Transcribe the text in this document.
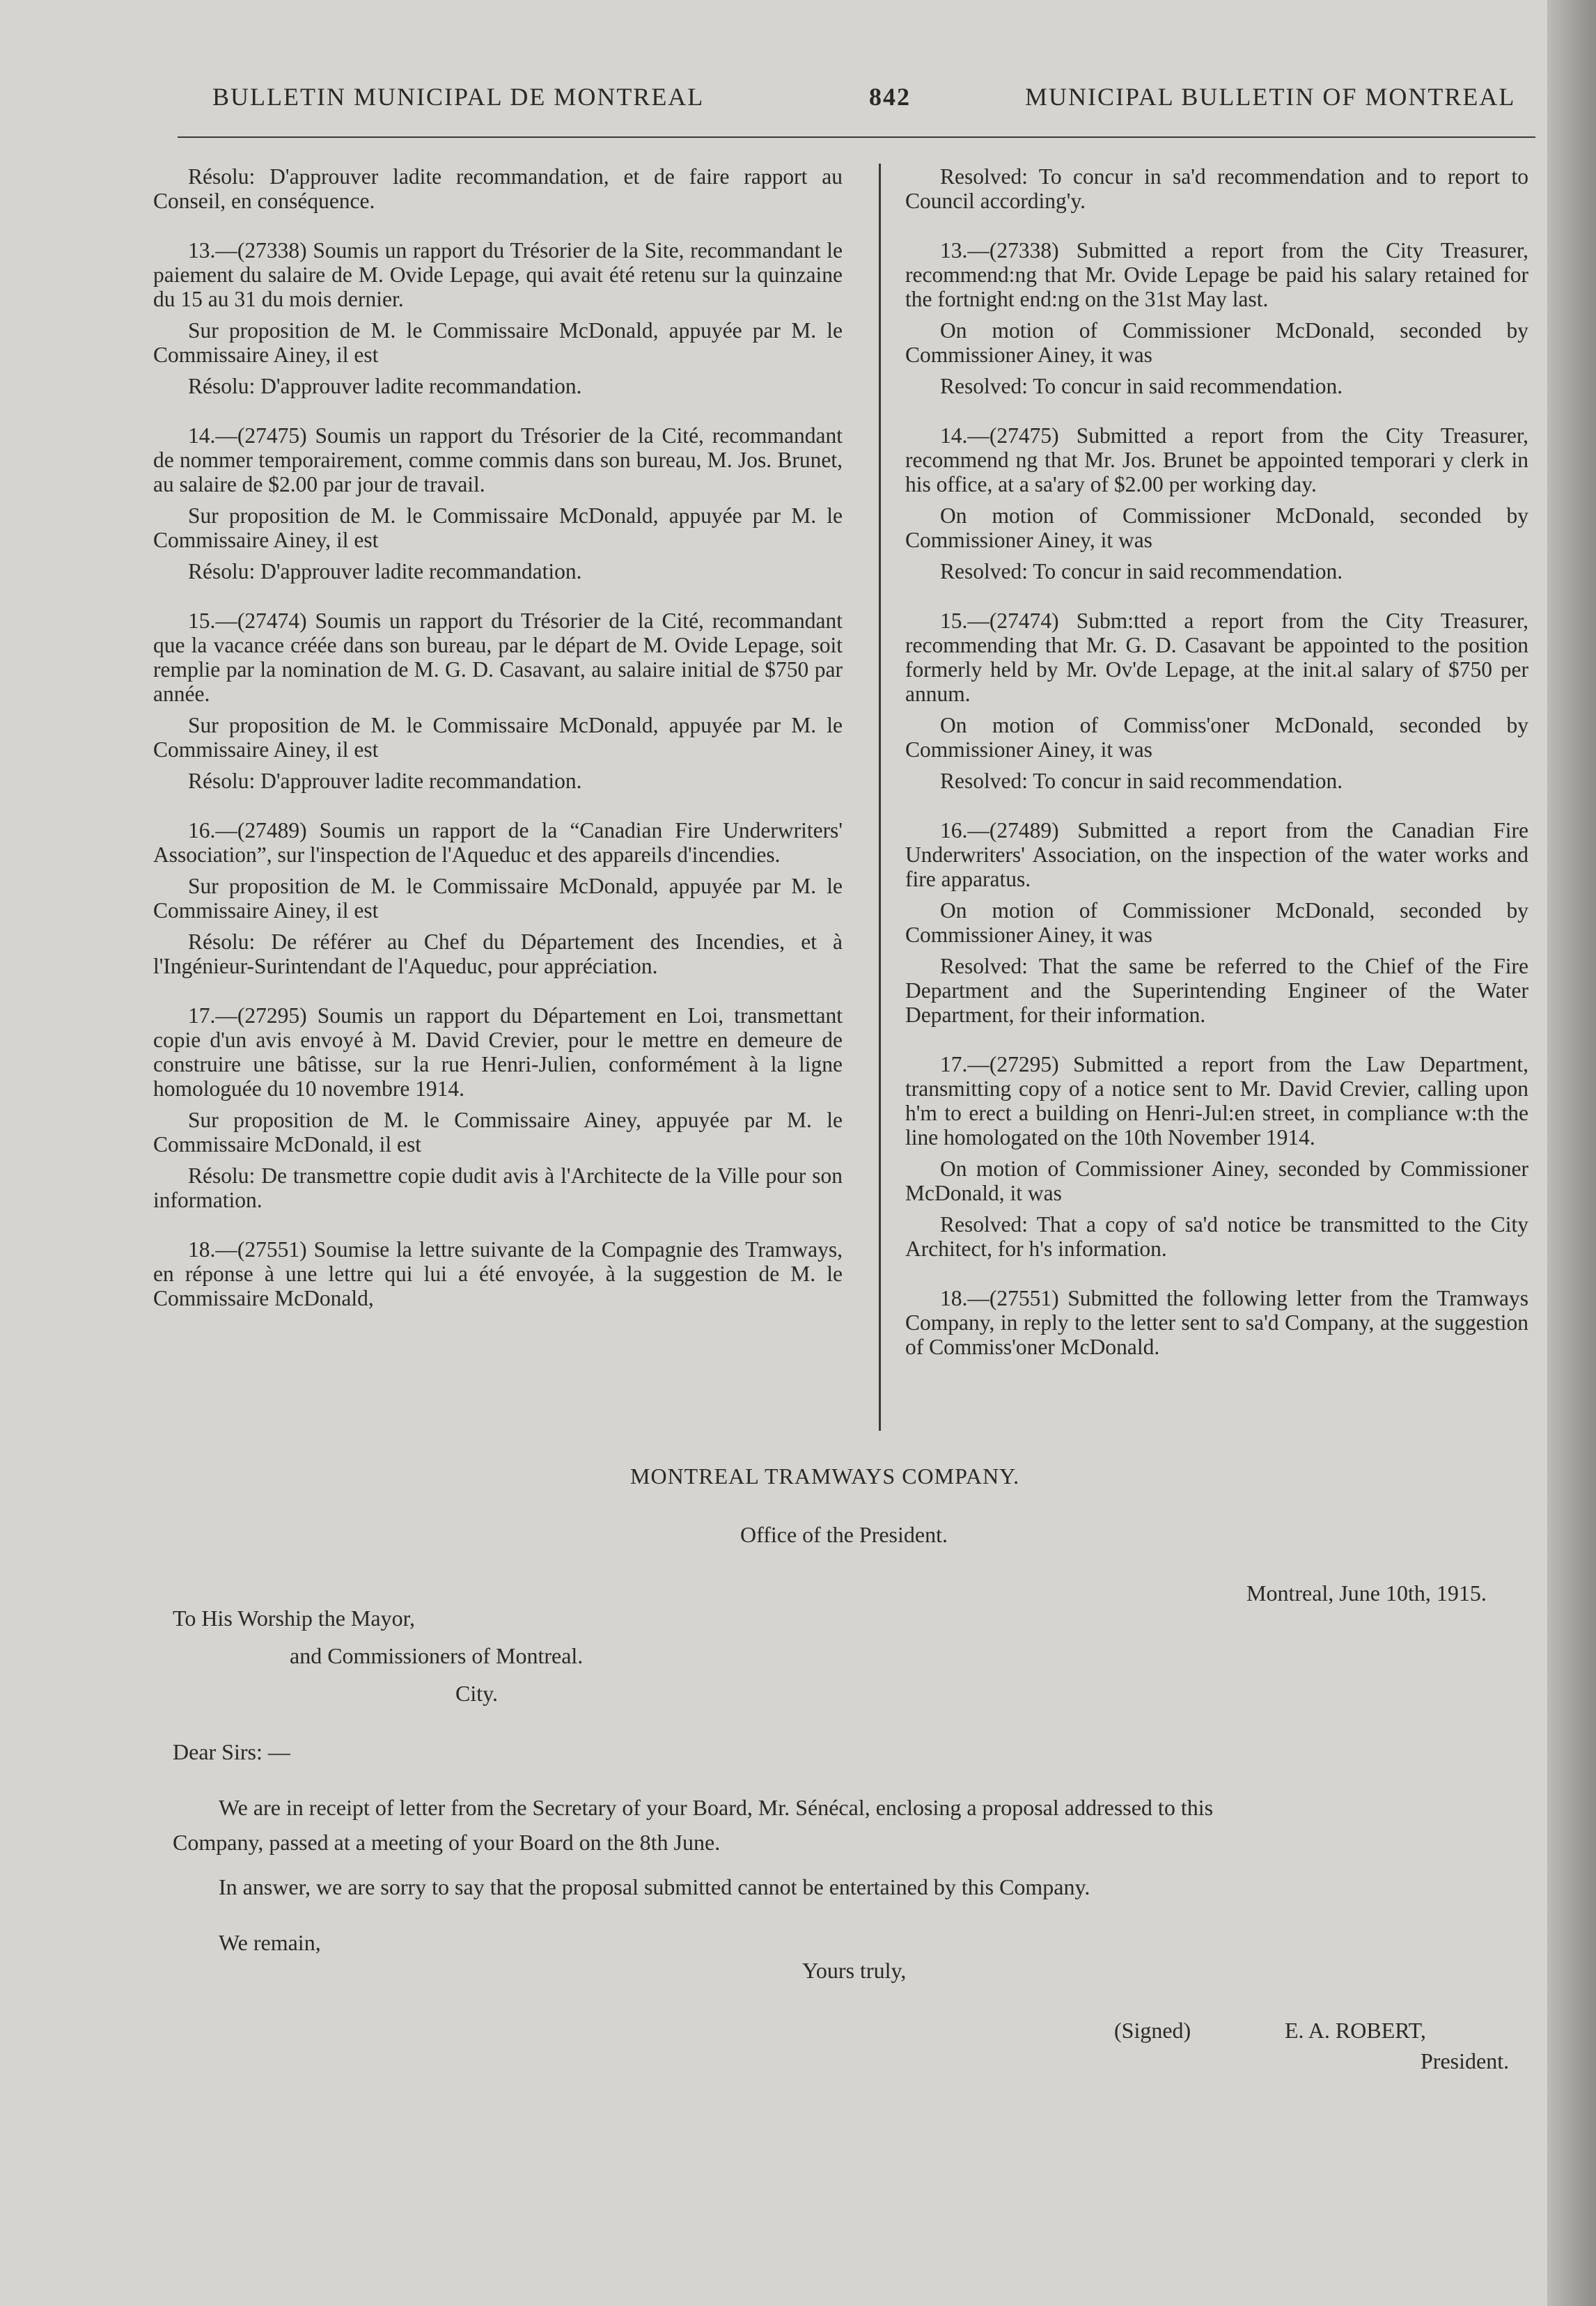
BULLETIN MUNICIPAL DE MONTREAL	842	MUNICIPAL BULLETIN OF MONTREAL

Résolu: D'approuver ladite recommandation, et de faire rapport au Conseil, en conséquence.

13.—(27338) Soumis un rapport du Trésorier de la Site, recommandant le paiement du salaire de M. Ovide Lepage, qui avait été retenu sur la quinzaine du 15 au 31 du mois dernier.

Sur proposition de M. le Commissaire McDonald, appuyée par M. le Commissaire Ainey, il est

Résolu: D'approuver ladite recommandation.

14.—(27475) Soumis un rapport du Trésorier de la Cité, recommandant de nommer temporairement, comme commis dans son bureau, M. Jos. Brunet, au salaire de $2.00 par jour de travail.

Sur proposition de M. le Commissaire McDonald, appuyée par M. le Commissaire Ainey, il est

Résolu: D'approuver ladite recommandation.

15.—(27474) Soumis un rapport du Trésorier de la Cité, recommandant que la vacance créée dans son bureau, par le départ de M. Ovide Lepage, soit remplie par la nomination de M. G. D. Casavant, au salaire initial de $750 par année.

Sur proposition de M. le Commissaire McDonald, appuyée par M. le Commissaire Ainey, il est

Résolu: D'approuver ladite recommandation.

16.—(27489) Soumis un rapport de la “Canadian Fire Underwriters' Association”, sur l'inspection de l'Aqueduc et des appareils d'incendies.

Sur proposition de M. le Commissaire McDonald, appuyée par M. le Commissaire Ainey, il est

Résolu: De référer au Chef du Département des Incendies, et à l'Ingénieur-Surintendant de l'Aqueduc, pour appréciation.

17.—(27295) Soumis un rapport du Département en Loi, transmettant copie d'un avis envoyé à M. David Crevier, pour le mettre en demeure de construire une bâtisse, sur la rue Henri-Julien, conformément à la ligne homologuée du 10 novembre 1914.

Sur proposition de M. le Commissaire Ainey, appuyée par M. le Commissaire McDonald, il est

Résolu: De transmettre copie dudit avis à l'Architecte de la Ville pour son information.

18.—(27551) Soumise la lettre suivante de la Compagnie des Tramways, en réponse à une lettre qui lui a été envoyée, à la suggestion de M. le Commissaire McDonald,

Resolved: To concur in sa'd recommendation and to report to Council according'y.

13.—(27338) Submitted a report from the City Treasurer, recommend:ng that Mr. Ovide Lepage be paid his salary retained for the fortnight end:ng on the 31st May last.

On motion of Commissioner McDonald, seconded by Commissioner Ainey, it was

Resolved: To concur in said recommendation.

14.—(27475) Submitted a report from the City Treasurer, recommend ng that Mr. Jos. Brunet be appointed temporari y clerk in his office, at a sa'ary of $2.00 per working day.

On motion of Commissioner McDonald, seconded by Commissioner Ainey, it was

Resolved: To concur in said recommendation.

15.—(27474) Subm:tted a report from the City Treasurer, recommending that Mr. G. D. Casavant be appointed to the position formerly held by Mr. Ov'de Lepage, at the init.al salary of $750 per annum.

On motion of Commiss'oner McDonald, seconded by Commissioner Ainey, it was

Resolved: To concur in said recommendation.

16.—(27489) Submitted a report from the Canadian Fire Underwriters' Association, on the inspection of the water works and fire apparatus.

On motion of Commissioner McDonald, seconded by Commissioner Ainey, it was

Resolved: That the same be referred to the Chief of the Fire Department and the Superintending Engineer of the Water Department, for their information.

17.—(27295) Submitted a report from the Law Department, transmitting copy of a notice sent to Mr. David Crevier, calling upon h'm to erect a building on Henri-Jul:en street, in compliance w:th the line homologated on the 10th November 1914.

On motion of Commissioner Ainey, seconded by Commissioner McDonald, it was

Resolved: That a copy of sa'd notice be transmitted to the City Architect, for h's information.

18.—(27551) Submitted the following letter from the Tramways Company, in reply to the letter sent to sa'd Company, at the suggestion of Commiss'oner McDonald.

MONTREAL TRAMWAYS COMPANY.
Office of the President.
Montreal, June 10th, 1915.
To His Worship the Mayor,
and Commissioners of Montreal.
City.
Dear Sirs: —
We are in receipt of letter from the Secretary of your Board, Mr. Sénécal, enclosing a proposal addressed to this
Company, passed at a meeting of your Board on the 8th June.
In answer, we are sorry to say that the proposal submitted cannot be entertained by this Company.
We remain,
Yours truly,
(Signed)	E. A. ROBERT,
President.
